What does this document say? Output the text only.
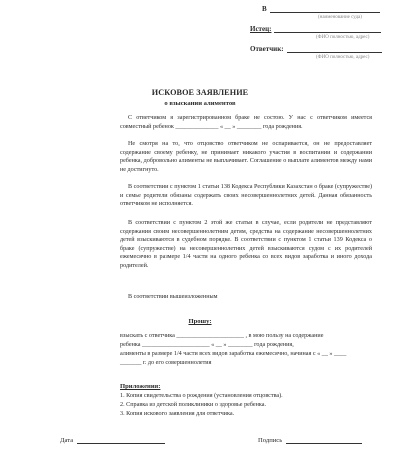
В
(наименование суда)
Истец:
(ФИО полностью, адрес)
Ответчик:
(ФИО полностью, адрес)
ИСКОВОЕ ЗАЯВЛЕНИЕ
о взыскании алиментов

С ответчиком я зарегистрированном браке не состою. У нас с ответчиком имеется совместный ребенок ______________ « __ » ________ года рождения.

Не смотря на то, что отцовство ответчиком не оспаривается, он не предоставляет содержание своему ребенку, не принимает никакого участия в воспитании и содержании ребенка, добровольно алименты не выплачивает. Соглашение о выплате алиментов между нами не достигнуто.

В соответствии с пунктом 1 статьи 138 Кодекса Республики Казахстан о браке (супружестве) и семье родители обязаны содержать своих несовершеннолетних детей. Данная обязанность ответчиком не исполняется.

В соответствии с пунктом 2 этой же статьи в случае, если родители не представляют содержания своим несовершеннолетним детям, средства на содержание несовершеннолетних детей взыскиваются в судебном порядке. В соответствии с пунктом 1 статьи 139 Кодекса о браке (супружестве) на несовершеннолетних детей взыскиваются судом с их родителей ежемесячно в размере 1/4 части на одного ребенка со всех видов заработка и иного дохода родителей.

В соответствии вышеизложенным

Прошу:
взыскать с ответчика ______________________ , в мою пользу на содержание
ребенка ______________________ « __ » ________ года рождения,
алименты в размере 1/4 части всех видов заработка ежемесячно, начиная с « __ » ____
_______ г. до его совершеннолетия
Приложения:
1. Копия свидетельства о рождения (установления отцовства).
2. Справка из детской поликлиники о здоровье ребенка.
3. Копия искового заявления для ответчика.
Дата	Подпись
